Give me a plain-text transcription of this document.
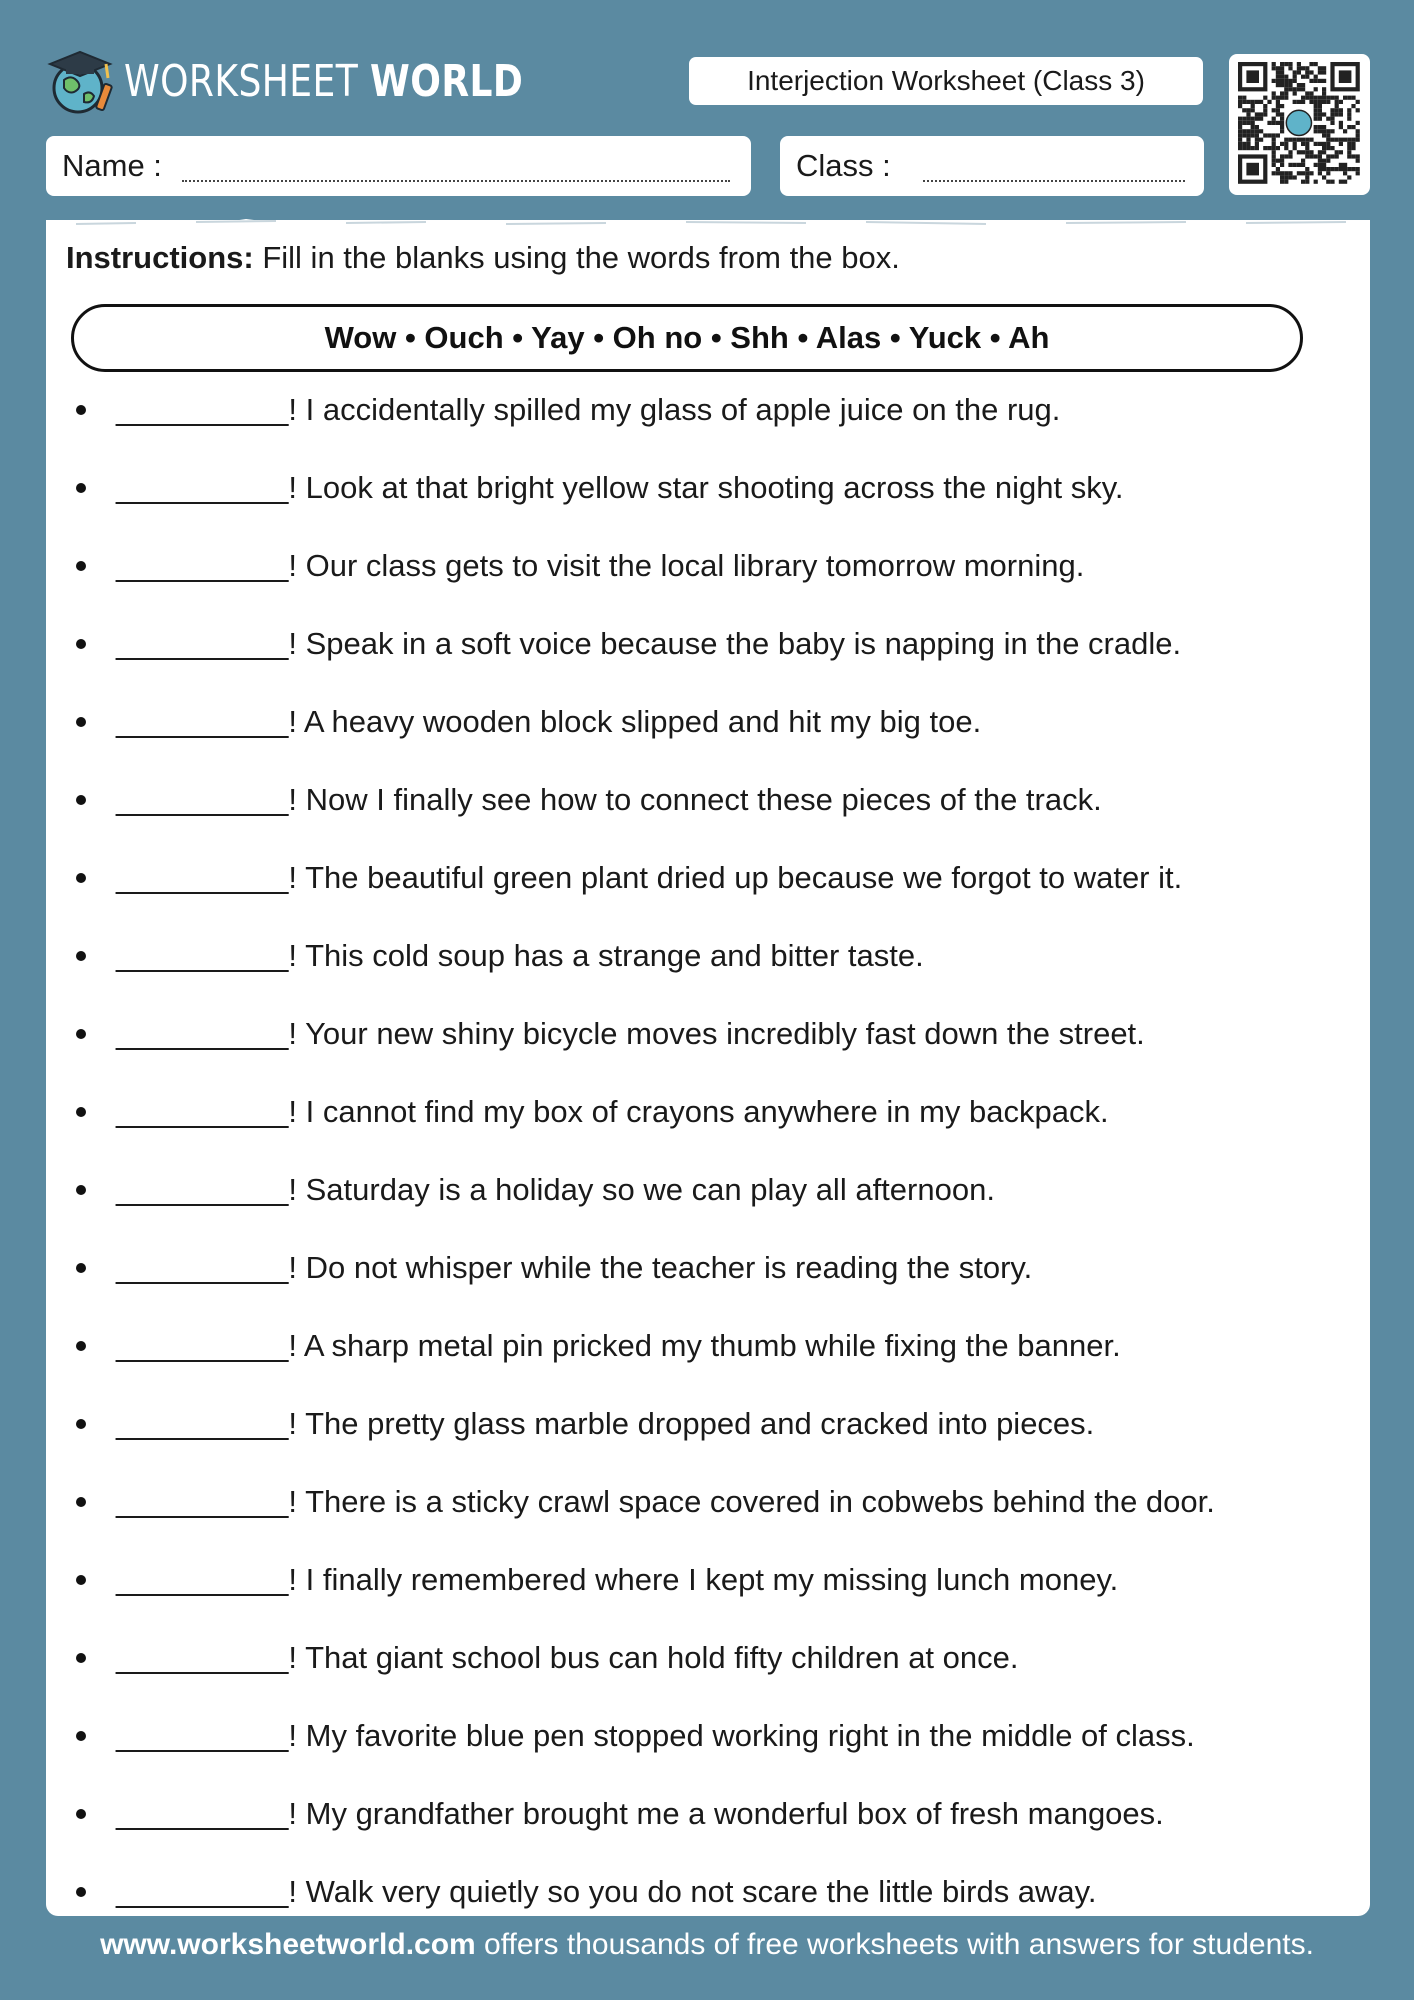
WORKSHEET WORLD	Interjection Worksheet (Class 3)
Name :	Class :
Instructions: Fill in the blanks using the words from the box.
Wow • Ouch • Yay • Oh no • Shh • Alas • Yuck • Ah
__________! I accidentally spilled my glass of apple juice on the rug.
__________! Look at that bright yellow star shooting across the night sky.
__________! Our class gets to visit the local library tomorrow morning.
__________! Speak in a soft voice because the baby is napping in the cradle.
__________! A heavy wooden block slipped and hit my big toe.
__________! Now I finally see how to connect these pieces of the track.
__________! The beautiful green plant dried up because we forgot to water it.
__________! This cold soup has a strange and bitter taste.
__________! Your new shiny bicycle moves incredibly fast down the street.
__________! I cannot find my box of crayons anywhere in my backpack.
__________! Saturday is a holiday so we can play all afternoon.
__________! Do not whisper while the teacher is reading the story.
__________! A sharp metal pin pricked my thumb while fixing the banner.
__________! The pretty glass marble dropped and cracked into pieces.
__________! There is a sticky crawl space covered in cobwebs behind the door.
__________! I finally remembered where I kept my missing lunch money.
__________! That giant school bus can hold fifty children at once.
__________! My favorite blue pen stopped working right in the middle of class.
__________! My grandfather brought me a wonderful box of fresh mangoes.
__________! Walk very quietly so you do not scare the little birds away.
www.worksheetworld.com offers thousands of free worksheets with answers for students.
